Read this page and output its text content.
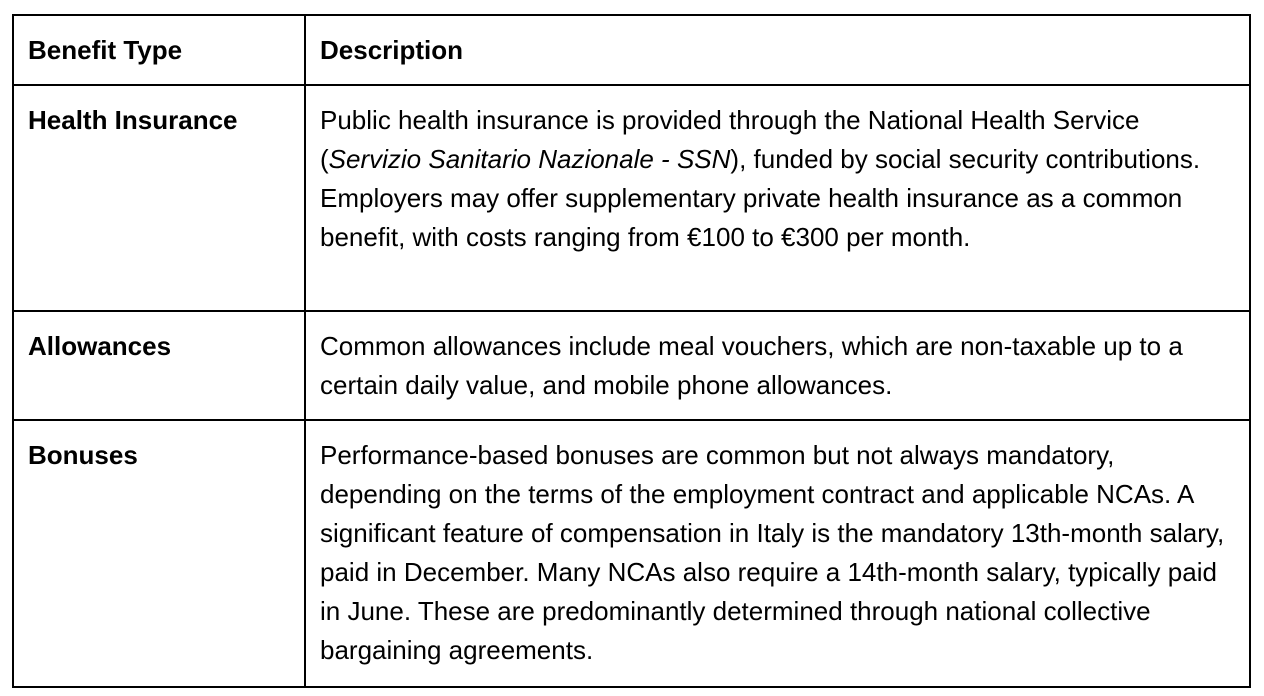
Benefit Type	Description
Health Insurance	Public health insurance is provided through the National Health Service (Servizio Sanitario Nazionale - SSN), funded by social security contributions. Employers may offer supplementary private health insurance as a common benefit, with costs ranging from €100 to €300 per month.
Allowances	Common allowances include meal vouchers, which are non-taxable up to a certain daily value, and mobile phone allowances.
Bonuses	Performance-based bonuses are common but not always mandatory, depending on the terms of the employment contract and applicable NCAs. A significant feature of compensation in Italy is the mandatory 13th-month salary, paid in December. Many NCAs also require a 14th-month salary, typically paid in June. These are predominantly determined through national collective bargaining agreements.
